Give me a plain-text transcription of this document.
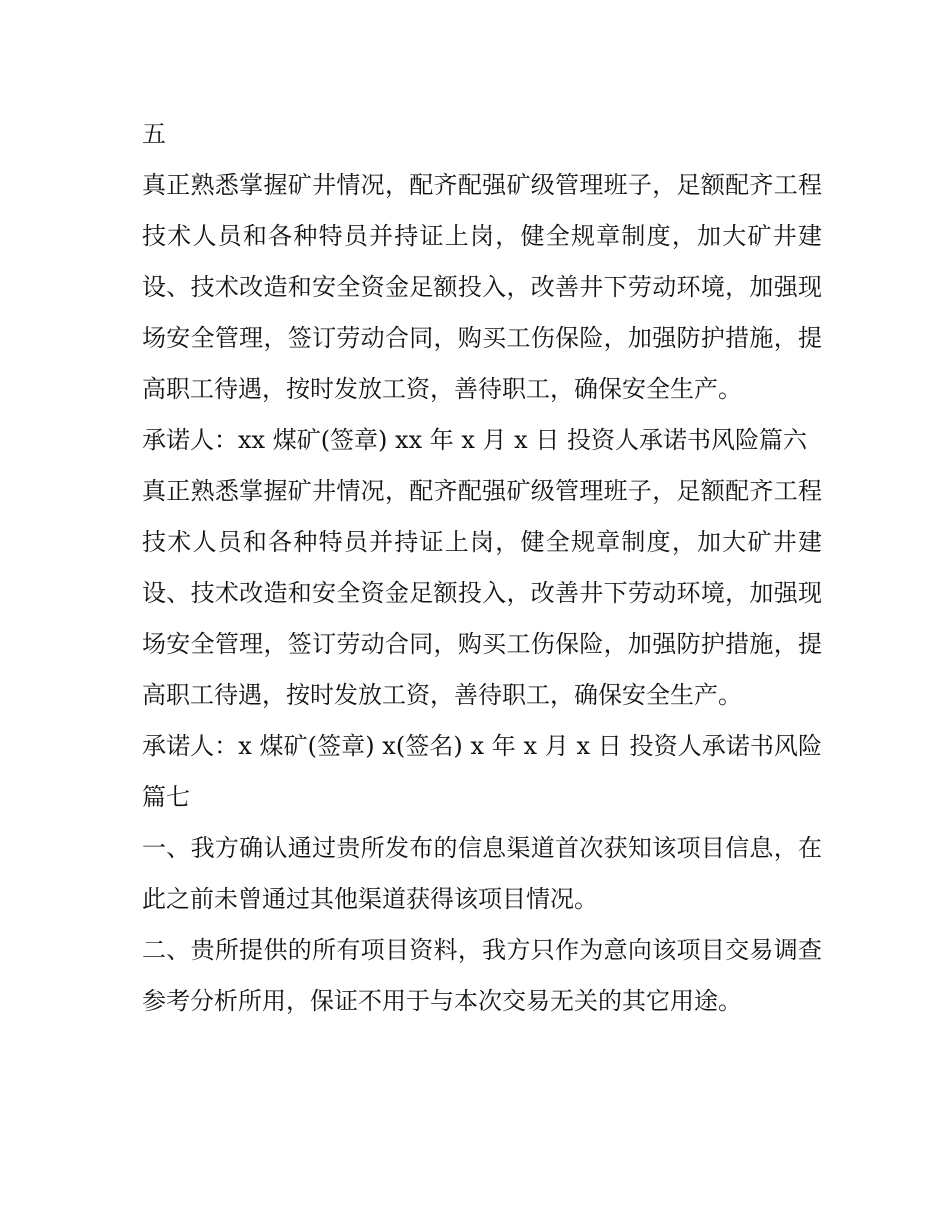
五

真正熟悉掌握矿井情况，配齐配强矿级管理班子，足额配齐工程技术人员和各种特员并持证上岗，健全规章制度，加大矿井建设、技术改造和安全资金足额投入，改善井下劳动环境，加强现场安全管理，签订劳动合同，购买工伤保险，加强防护措施，提高职工待遇，按时发放工资，善待职工，确保安全生产。

承诺人：xx 煤矿(签章) xx 年 x 月 x 日 投资人承诺书风险篇六

真正熟悉掌握矿井情况，配齐配强矿级管理班子，足额配齐工程技术人员和各种特员并持证上岗，健全规章制度，加大矿井建设、技术改造和安全资金足额投入，改善井下劳动环境，加强现场安全管理，签订劳动合同，购买工伤保险，加强防护措施，提高职工待遇，按时发放工资，善待职工，确保安全生产。

承诺人：x 煤矿(签章) x(签名) x 年 x 月 x 日 投资人承诺书风险篇七

一、我方确认通过贵所发布的信息渠道首次获知该项目信息，在此之前未曾通过其他渠道获得该项目情况。

二、贵所提供的所有项目资料，我方只作为意向该项目交易调查参考分析所用，保证不用于与本次交易无关的其它用途。
